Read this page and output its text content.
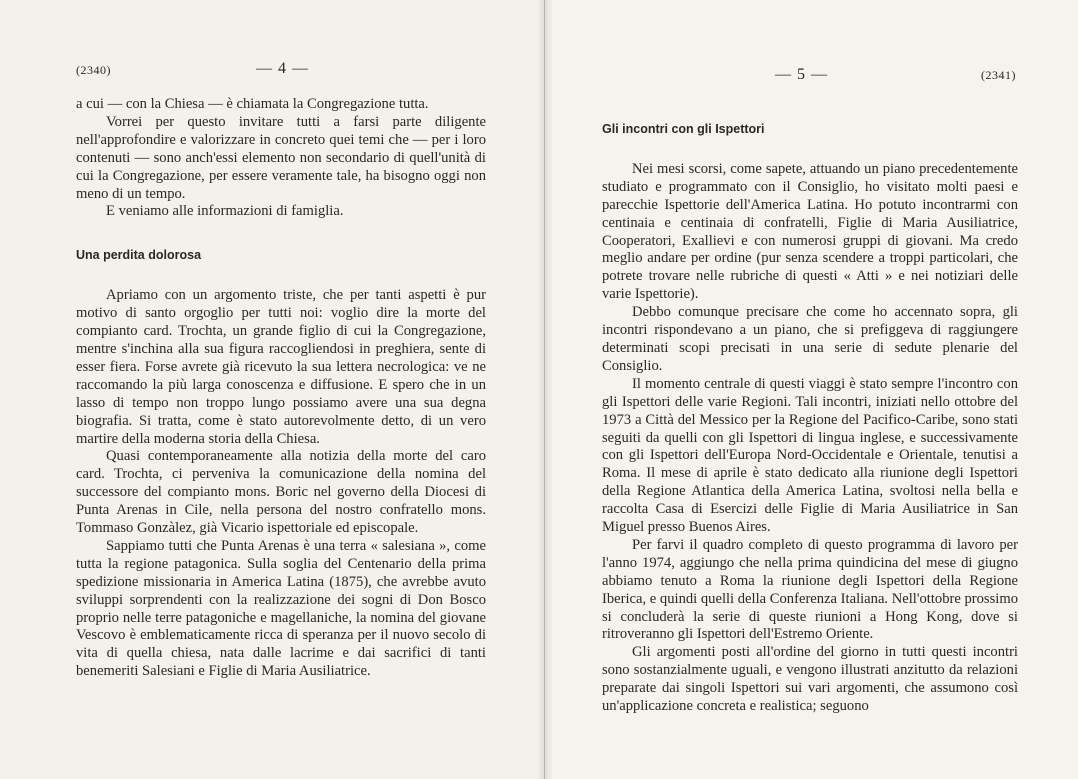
(2340)	— 4 —

a cui — con la Chiesa — è chiamata la Congregazione tutta.

Vorrei per questo invitare tutti a farsi parte diligente nell'approfondire e valorizzare in concreto quei temi che — per i loro contenuti — sono anch'essi elemento non secondario di quell'unità di cui la Congregazione, per essere veramente tale, ha bisogno oggi non meno di un tempo.

E veniamo alle informazioni di famiglia.

Una perdita dolorosa

Apriamo con un argomento triste, che per tanti aspetti è pur motivo di santo orgoglio per tutti noi: voglio dire la morte del compianto card. Trochta, un grande figlio di cui la Congregazione, mentre s'inchina alla sua figura raccogliendosi in preghiera, sente di esser fiera. Forse avrete già ricevuto la sua lettera necrologica: ve ne raccomando la più larga conoscenza e diffusione. E spero che in un lasso di tempo non troppo lungo possiamo avere una sua degna biografia. Si tratta, come è stato autorevolmente detto, di un vero martire della moderna storia della Chiesa.

Quasi contemporaneamente alla notizia della morte del caro card. Trochta, ci perveniva la comunicazione della nomina del successore del compianto mons. Boric nel governo della Diocesi di Punta Arenas in Cile, nella persona del nostro confratello mons. Tommaso Gonzàlez, già Vicario ispettoriale ed episcopale.

Sappiamo tutti che Punta Arenas è una terra « salesiana », come tutta la regione patagonica. Sulla soglia del Centenario della prima spedizione missionaria in America Latina (1875), che avrebbe avuto sviluppi sorprendenti con la realizzazione dei sogni di Don Bosco proprio nelle terre patagoniche e magellaniche, la nomina del giovane Vescovo è emblematicamente ricca di speranza per il nuovo secolo di vita di quella chiesa, nata dalle lacrime e dai sacrifici di tanti benemeriti Salesiani e Figlie di Maria Ausiliatrice.

— 5 —	(2341)
Gli incontri con gli Ispettori

Nei mesi scorsi, come sapete, attuando un piano precedentemente studiato e programmato con il Consiglio, ho visitato molti paesi e parecchie Ispettorie dell'America Latina. Ho potuto incontrarmi con centinaia e centinaia di confratelli, Figlie di Maria Ausiliatrice, Cooperatori, Exallievi e con numerosi gruppi di giovani. Ma credo meglio andare per ordine (pur senza scendere a troppi particolari, che potrete trovare nelle rubriche di questi « Atti » e nei notiziari delle varie Ispettorie).

Debbo comunque precisare che come ho accennato sopra, gli incontri rispondevano a un piano, che si prefiggeva di raggiungere determinati scopi precisati in una serie di sedute plenarie del Consiglio.

Il momento centrale di questi viaggi è stato sempre l'incontro con gli Ispettori delle varie Regioni. Tali incontri, iniziati nello ottobre del 1973 a Città del Messico per la Regione del Pacifico-Caribe, sono stati seguiti da quelli con gli Ispettori di lingua inglese, e successivamente con gli Ispettori dell'Europa Nord-Occidentale e Orientale, tenutisi a Roma. Il mese di aprile è stato dedicato alla riunione degli Ispettori della Regione Atlantica della America Latina, svoltosi nella bella e raccolta Casa di Esercizi delle Figlie di Maria Ausiliatrice in San Miguel presso Buenos Aires.

Per farvi il quadro completo di questo programma di lavoro per l'anno 1974, aggiungo che nella prima quindicina del mese di giugno abbiamo tenuto a Roma la riunione degli Ispettori della Regione Iberica, e quindi quelli della Conferenza Italiana. Nell'ottobre prossimo si concluderà la serie di queste riunioni a Hong Kong, dove si ritroveranno gli Ispettori dell'Estremo Oriente.

Gli argomenti posti all'ordine del giorno in tutti questi incontri sono sostanzialmente uguali, e vengono illustrati anzitutto da relazioni preparate dai singoli Ispettori sui vari argomenti, che assumono così un'applicazione concreta e realistica; seguono
